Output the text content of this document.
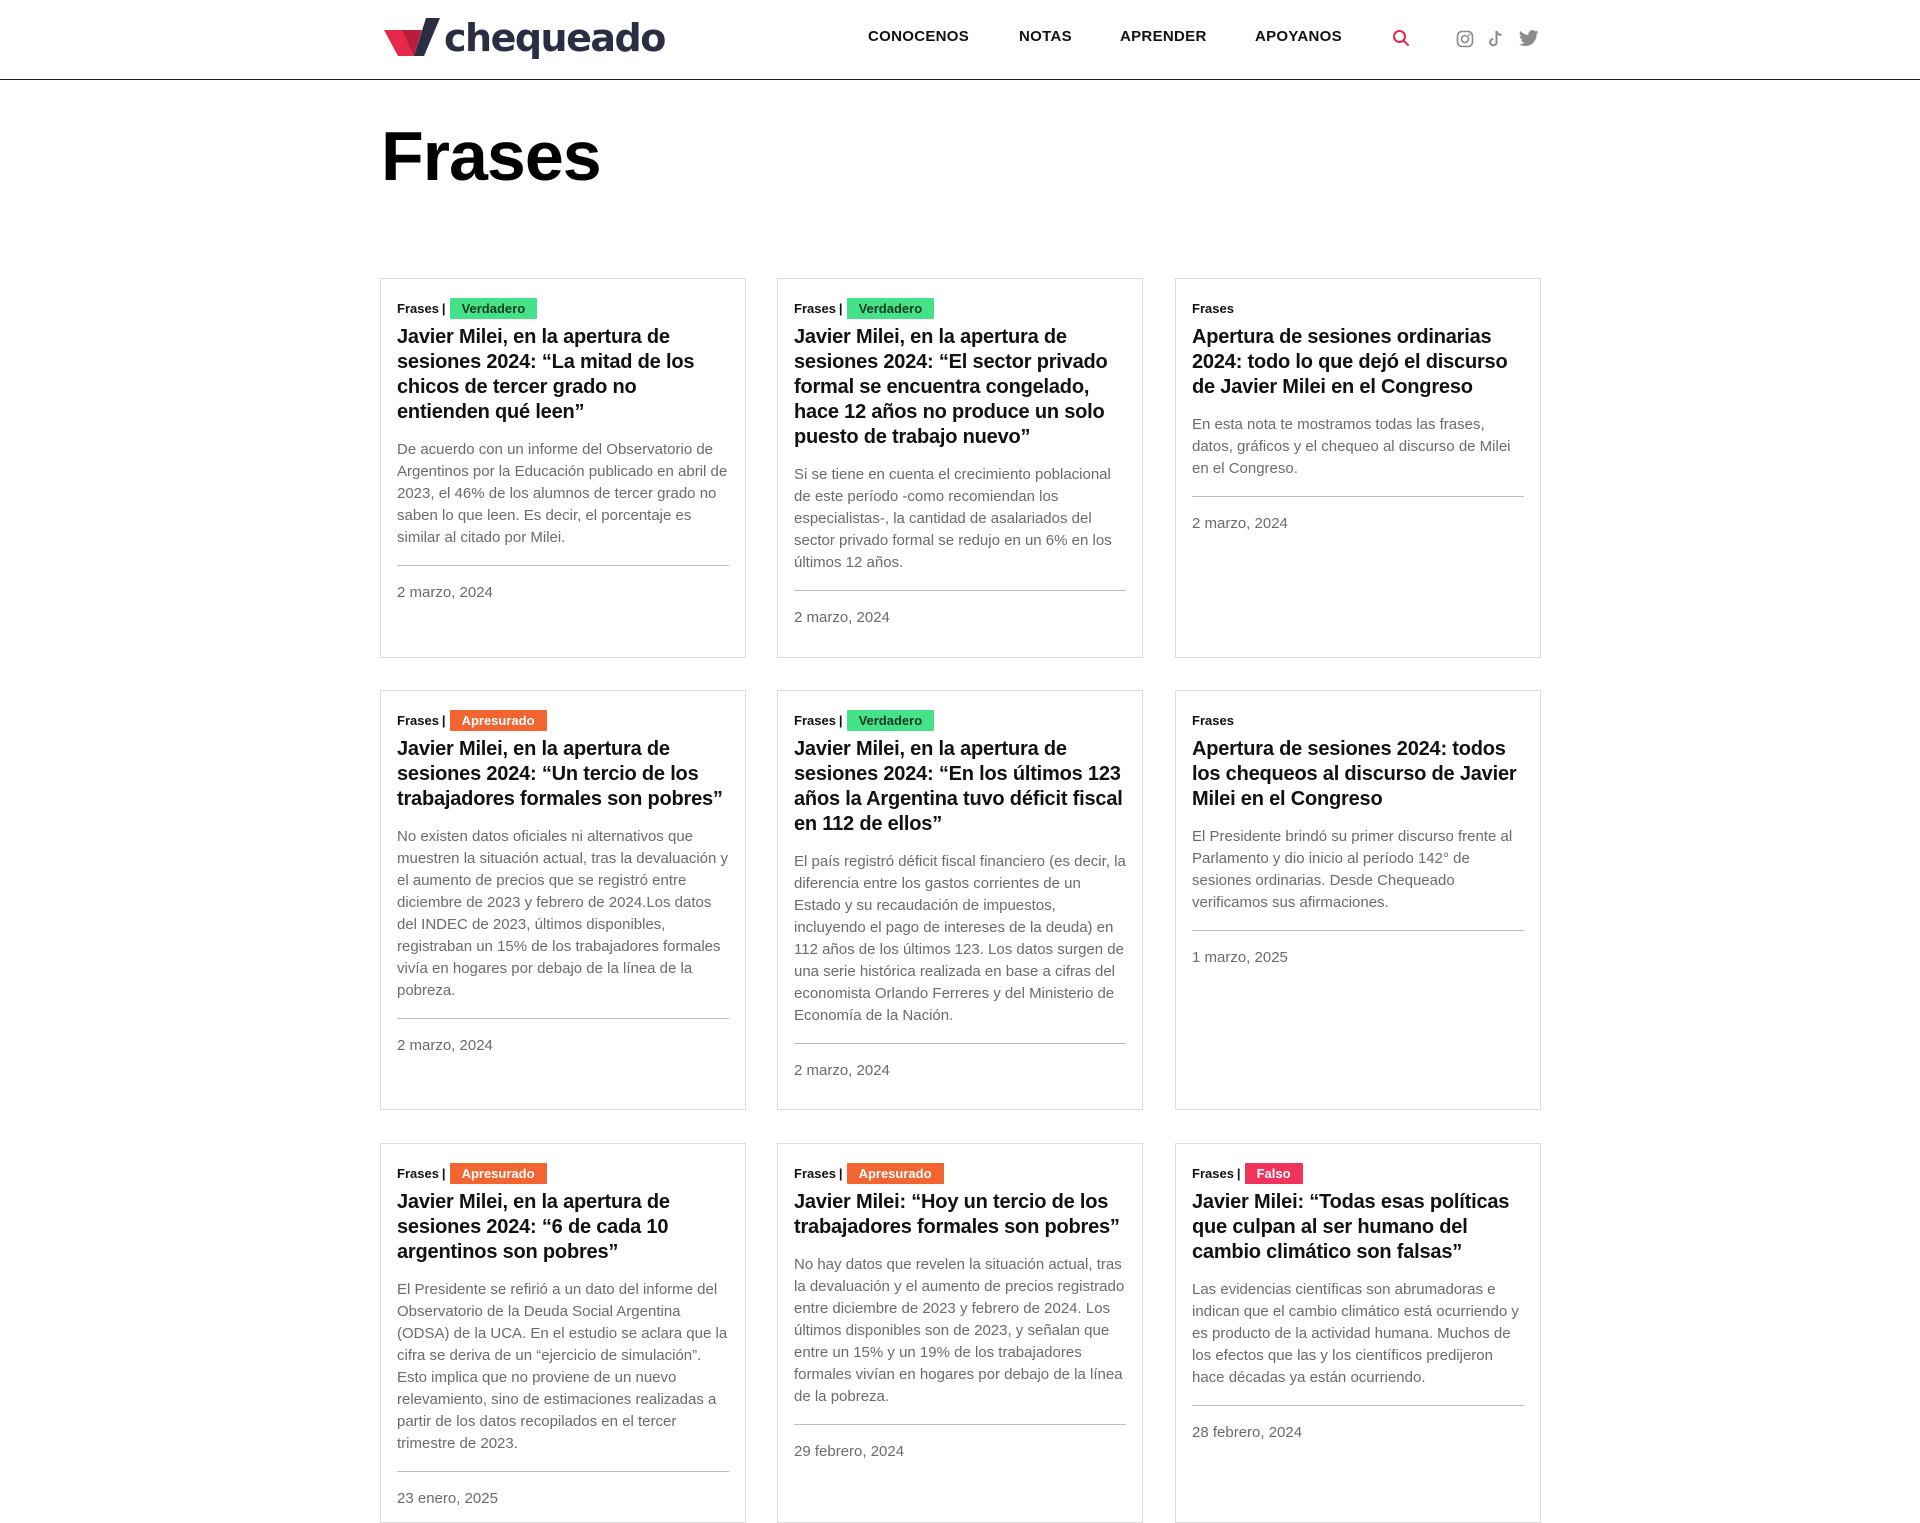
chequeado	CONOCENOS	NOTAS	APRENDER	APOYANOS
Frases
Frases |	Verdadero
Javier Milei, en la apertura de sesiones 2024: “La mitad de los chicos de tercer grado no entienden qué leen”

De acuerdo con un informe del Observatorio de Argentinos por la Educación publicado en abril de 2023, el 46% de los alumnos de tercer grado no saben lo que leen. Es decir, el porcentaje es similar al citado por Milei.

2 marzo, 2024
Frases |	Verdadero
Javier Milei, en la apertura de sesiones 2024: “El sector privado formal se encuentra congelado, hace 12 años no produce un solo puesto de trabajo nuevo”

Si se tiene en cuenta el crecimiento poblacional de este período -como recomiendan los especialistas-, la cantidad de asalariados del sector privado formal se redujo en un 6% en los últimos 12 años.

2 marzo, 2024
Frases
Apertura de sesiones ordinarias 2024: todo lo que dejó el discurso de Javier Milei en el Congreso

En esta nota te mostramos todas las frases, datos, gráficos y el chequeo al discurso de Milei en el Congreso.

2 marzo, 2024
Frases |	Apresurado
Javier Milei, en la apertura de sesiones 2024: “Un tercio de los trabajadores formales son pobres”

No existen datos oficiales ni alternativos que muestren la situación actual, tras la devaluación y el aumento de precios que se registró entre diciembre de 2023 y febrero de 2024.Los datos del INDEC de 2023, últimos disponibles, registraban un 15% de los trabajadores formales vivía en hogares por debajo de la línea de la pobreza.

2 marzo, 2024
Frases |	Verdadero
Javier Milei, en la apertura de sesiones 2024: “En los últimos 123 años la Argentina tuvo déficit fiscal en 112 de ellos”

El país registró déficit fiscal financiero (es decir, la diferencia entre los gastos corrientes de un Estado y su recaudación de impuestos, incluyendo el pago de intereses de la deuda) en 112 años de los últimos 123. Los datos surgen de una serie histórica realizada en base a cifras del economista Orlando Ferreres y del Ministerio de Economía de la Nación.

2 marzo, 2024
Frases
Apertura de sesiones 2024: todos los chequeos al discurso de Javier Milei en el Congreso

El Presidente brindó su primer discurso frente al Parlamento y dio inicio al período 142° de sesiones ordinarias. Desde Chequeado verificamos sus afirmaciones.

1 marzo, 2025
Frases |	Apresurado
Javier Milei, en la apertura de sesiones 2024: “6 de cada 10 argentinos son pobres”

El Presidente se refirió a un dato del informe del Observatorio de la Deuda Social Argentina (ODSA) de la UCA. En el estudio se aclara que la cifra se deriva de un “ejercicio de simulación”. Esto implica que no proviene de un nuevo relevamiento, sino de estimaciones realizadas a partir de los datos recopilados en el tercer trimestre de 2023.

23 enero, 2025
Frases |	Apresurado
Javier Milei: “Hoy un tercio de los trabajadores formales son pobres”

No hay datos que revelen la situación actual, tras la devaluación y el aumento de precios registrado entre diciembre de 2023 y febrero de 2024. Los últimos disponibles son de 2023, y señalan que entre un 15% y un 19% de los trabajadores formales vivían en hogares por debajo de la línea de la pobreza.

29 febrero, 2024
Frases |	Falso
Javier Milei: “Todas esas políticas que culpan al ser humano del cambio climático son falsas”

Las evidencias científicas son abrumadoras e indican que el cambio climático está ocurriendo y es producto de la actividad humana. Muchos de los efectos que las y los científicos predijeron hace décadas ya están ocurriendo.

28 febrero, 2024
